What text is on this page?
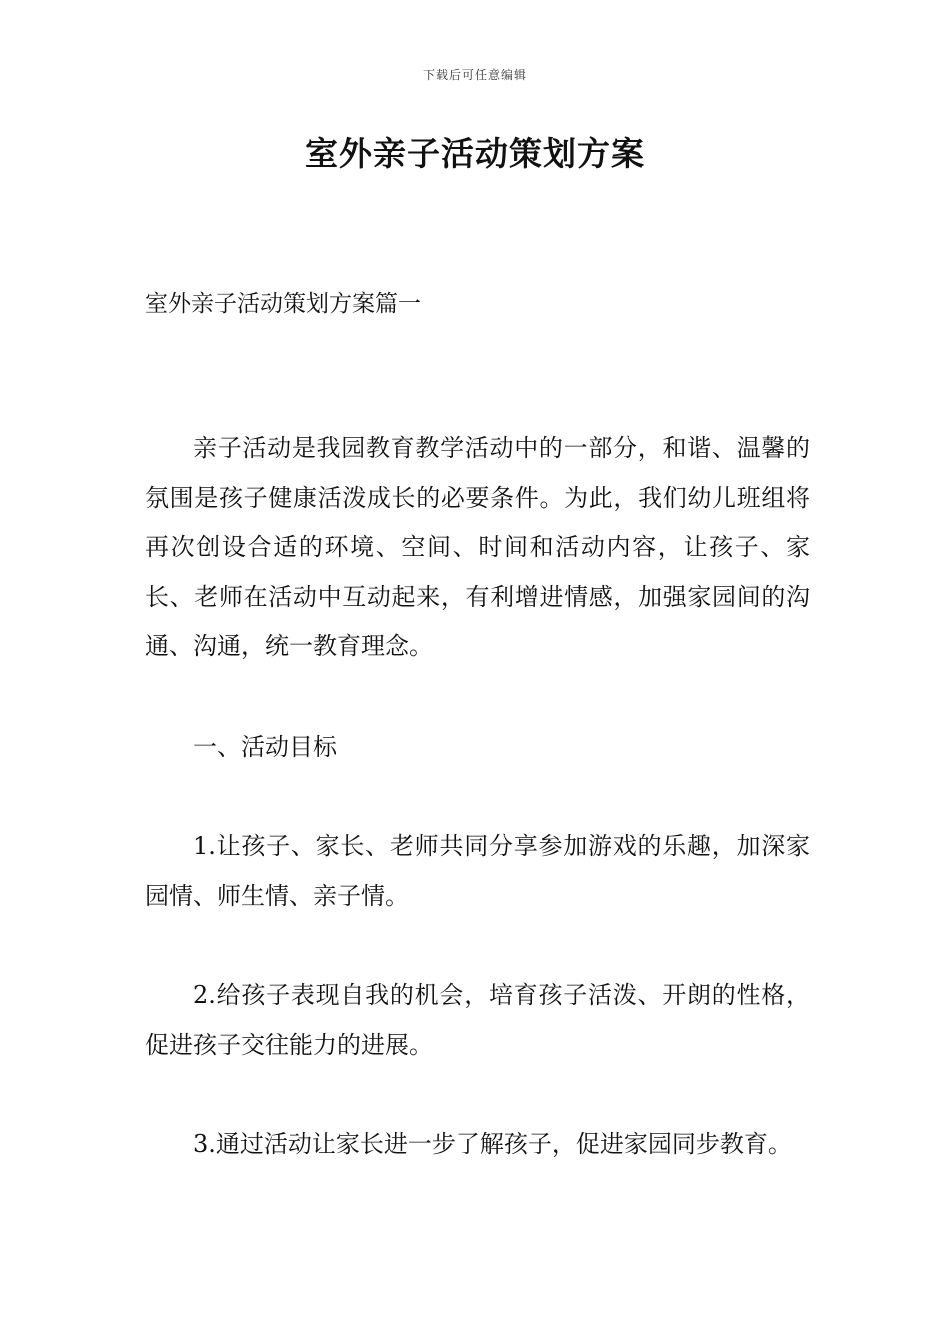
下载后可任意编辑
室外亲子活动策划方案
室外亲子活动策划方案篇一

亲子活动是我园教育教学活动中的一部分，和谐、温馨的氛围是孩子健康活泼成长的必要条件。为此，我们幼儿班组将再次创设合适的环境、空间、时间和活动内容，让孩子、家长、老师在活动中互动起来，有利增进情感，加强家园间的沟通、沟通，统一教育理念。

一、活动目标

1.让孩子、家长、老师共同分享参加游戏的乐趣，加深家园情、师生情、亲子情。

2.给孩子表现自我的机会，培育孩子活泼、开朗的性格，促进孩子交往能力的进展。

3.通过活动让家长进一步了解孩子，促进家园同步教育。
